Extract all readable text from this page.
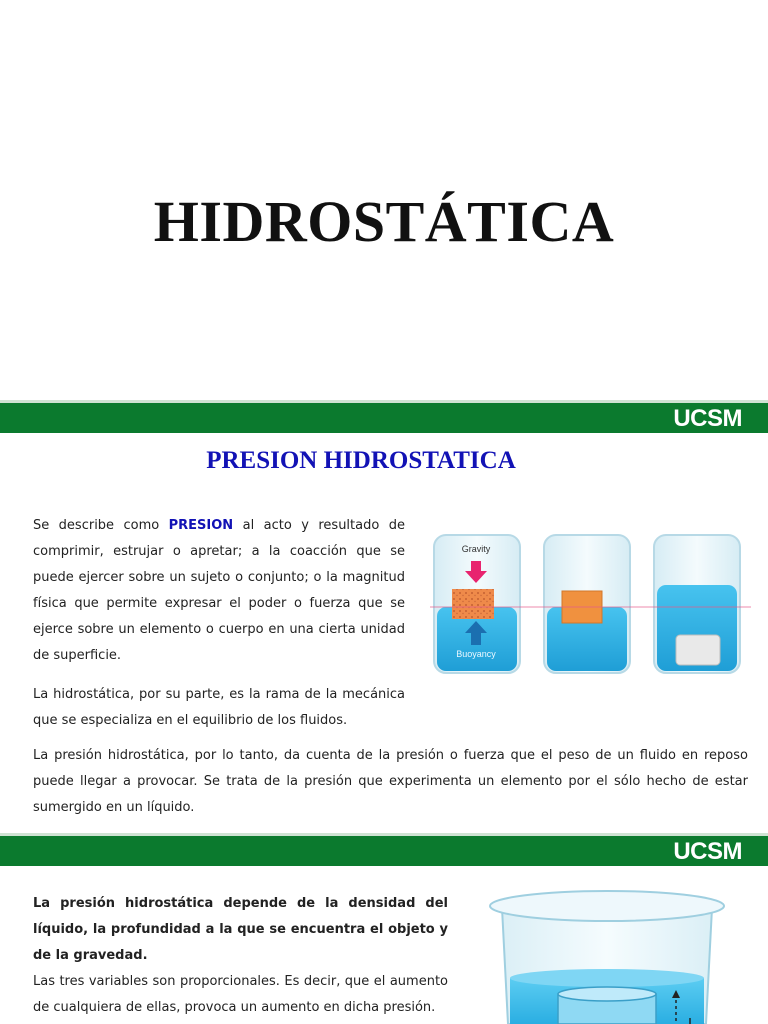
HIDROSTÁTICA
UCSM
PRESION HIDROSTATICA

Se describe como PRESION al acto y resultado de comprimir, estrujar o apretar; a la coacción que se puede ejercer sobre un sujeto o conjunto; o la magnitud física que permite expresar el poder o fuerza que se ejerce sobre un elemento o cuerpo en una cierta unidad de superficie.

La hidrostática, por su parte, es la rama de la mecánica que se especializa en el equilibrio de los fluidos.

La presión hidrostática, por lo tanto, da cuenta de la presión o fuerza que el peso de un fluido en reposo puede llegar a provocar. Se trata de la presión que experimenta un elemento por el sólo hecho de estar sumergido en un líquido.

Gravity
Buoyancy
UCSM

La presión hidrostática depende de la densidad del líquido, la profundidad a la que se encuentra el objeto y de la gravedad.
Las tres variables son proporcionales. Es decir, que el aumento de cualquiera de ellas, provoca un aumento en dicha presión.
